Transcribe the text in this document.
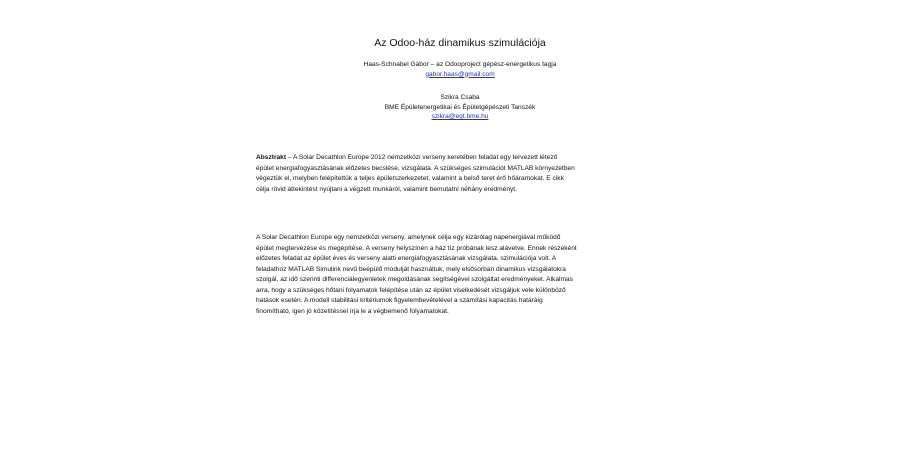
Az Odoo-ház dinamikus szimulációja
Haas-Schnabel Gábor – az Odooproject gépész-energetikus tagja
gabor.haas@gmail.com
Szikra Csaba
BME Épületenergetikai és Épületgépészeti Tanszék
szikra@egt.bme.hu
Absztrakt – A Solar Decathlon Europe 2012 nemzetközi verseny keretében feladat egy tervezett létező
épület energiafogyasztásának előzetes becslése, vizsgálata. A szükséges szimulációt MATLAB környezetben
végeztük el, melyben felépítettük a teljes épületszerkezetet, valamint a belső teret érő hőáramokat. E cikk
célja rövid áttekintést nyújtani a végzett munkáról, valamint bemutatni néhány eredményt.
A Solar Decathlon Europe egy nemzetközi verseny, amelynek célja egy kizárólag napenergiával működő
épület megtervezése és megépítése. A verseny helyszínén a ház tíz próbának lesz alávetve. Ennek részeként
előzetes feladat az épület éves és verseny alatti energiafogyasztásának vizsgálata, szimulációja volt. A
feladathoz MATLAB Simulink nevű beépülő modulját használtuk, mely elsősorban dinamikus vizsgálatokra
szolgál, az idő szerinti differenciálegyenletek megoldásának segítségével szolgáltat eredményeket. Alkalmas
arra, hogy a szükséges hőtani folyamatok felépítése után az épület viselkedését vizsgáljuk vele különböző
hatások esetén. A modell stabilitási kritériumok figyelembevételével a számítási kapacitás határáig
finomítható, igen jó közelítéssel írja le a végbemenő folyamatokat.
